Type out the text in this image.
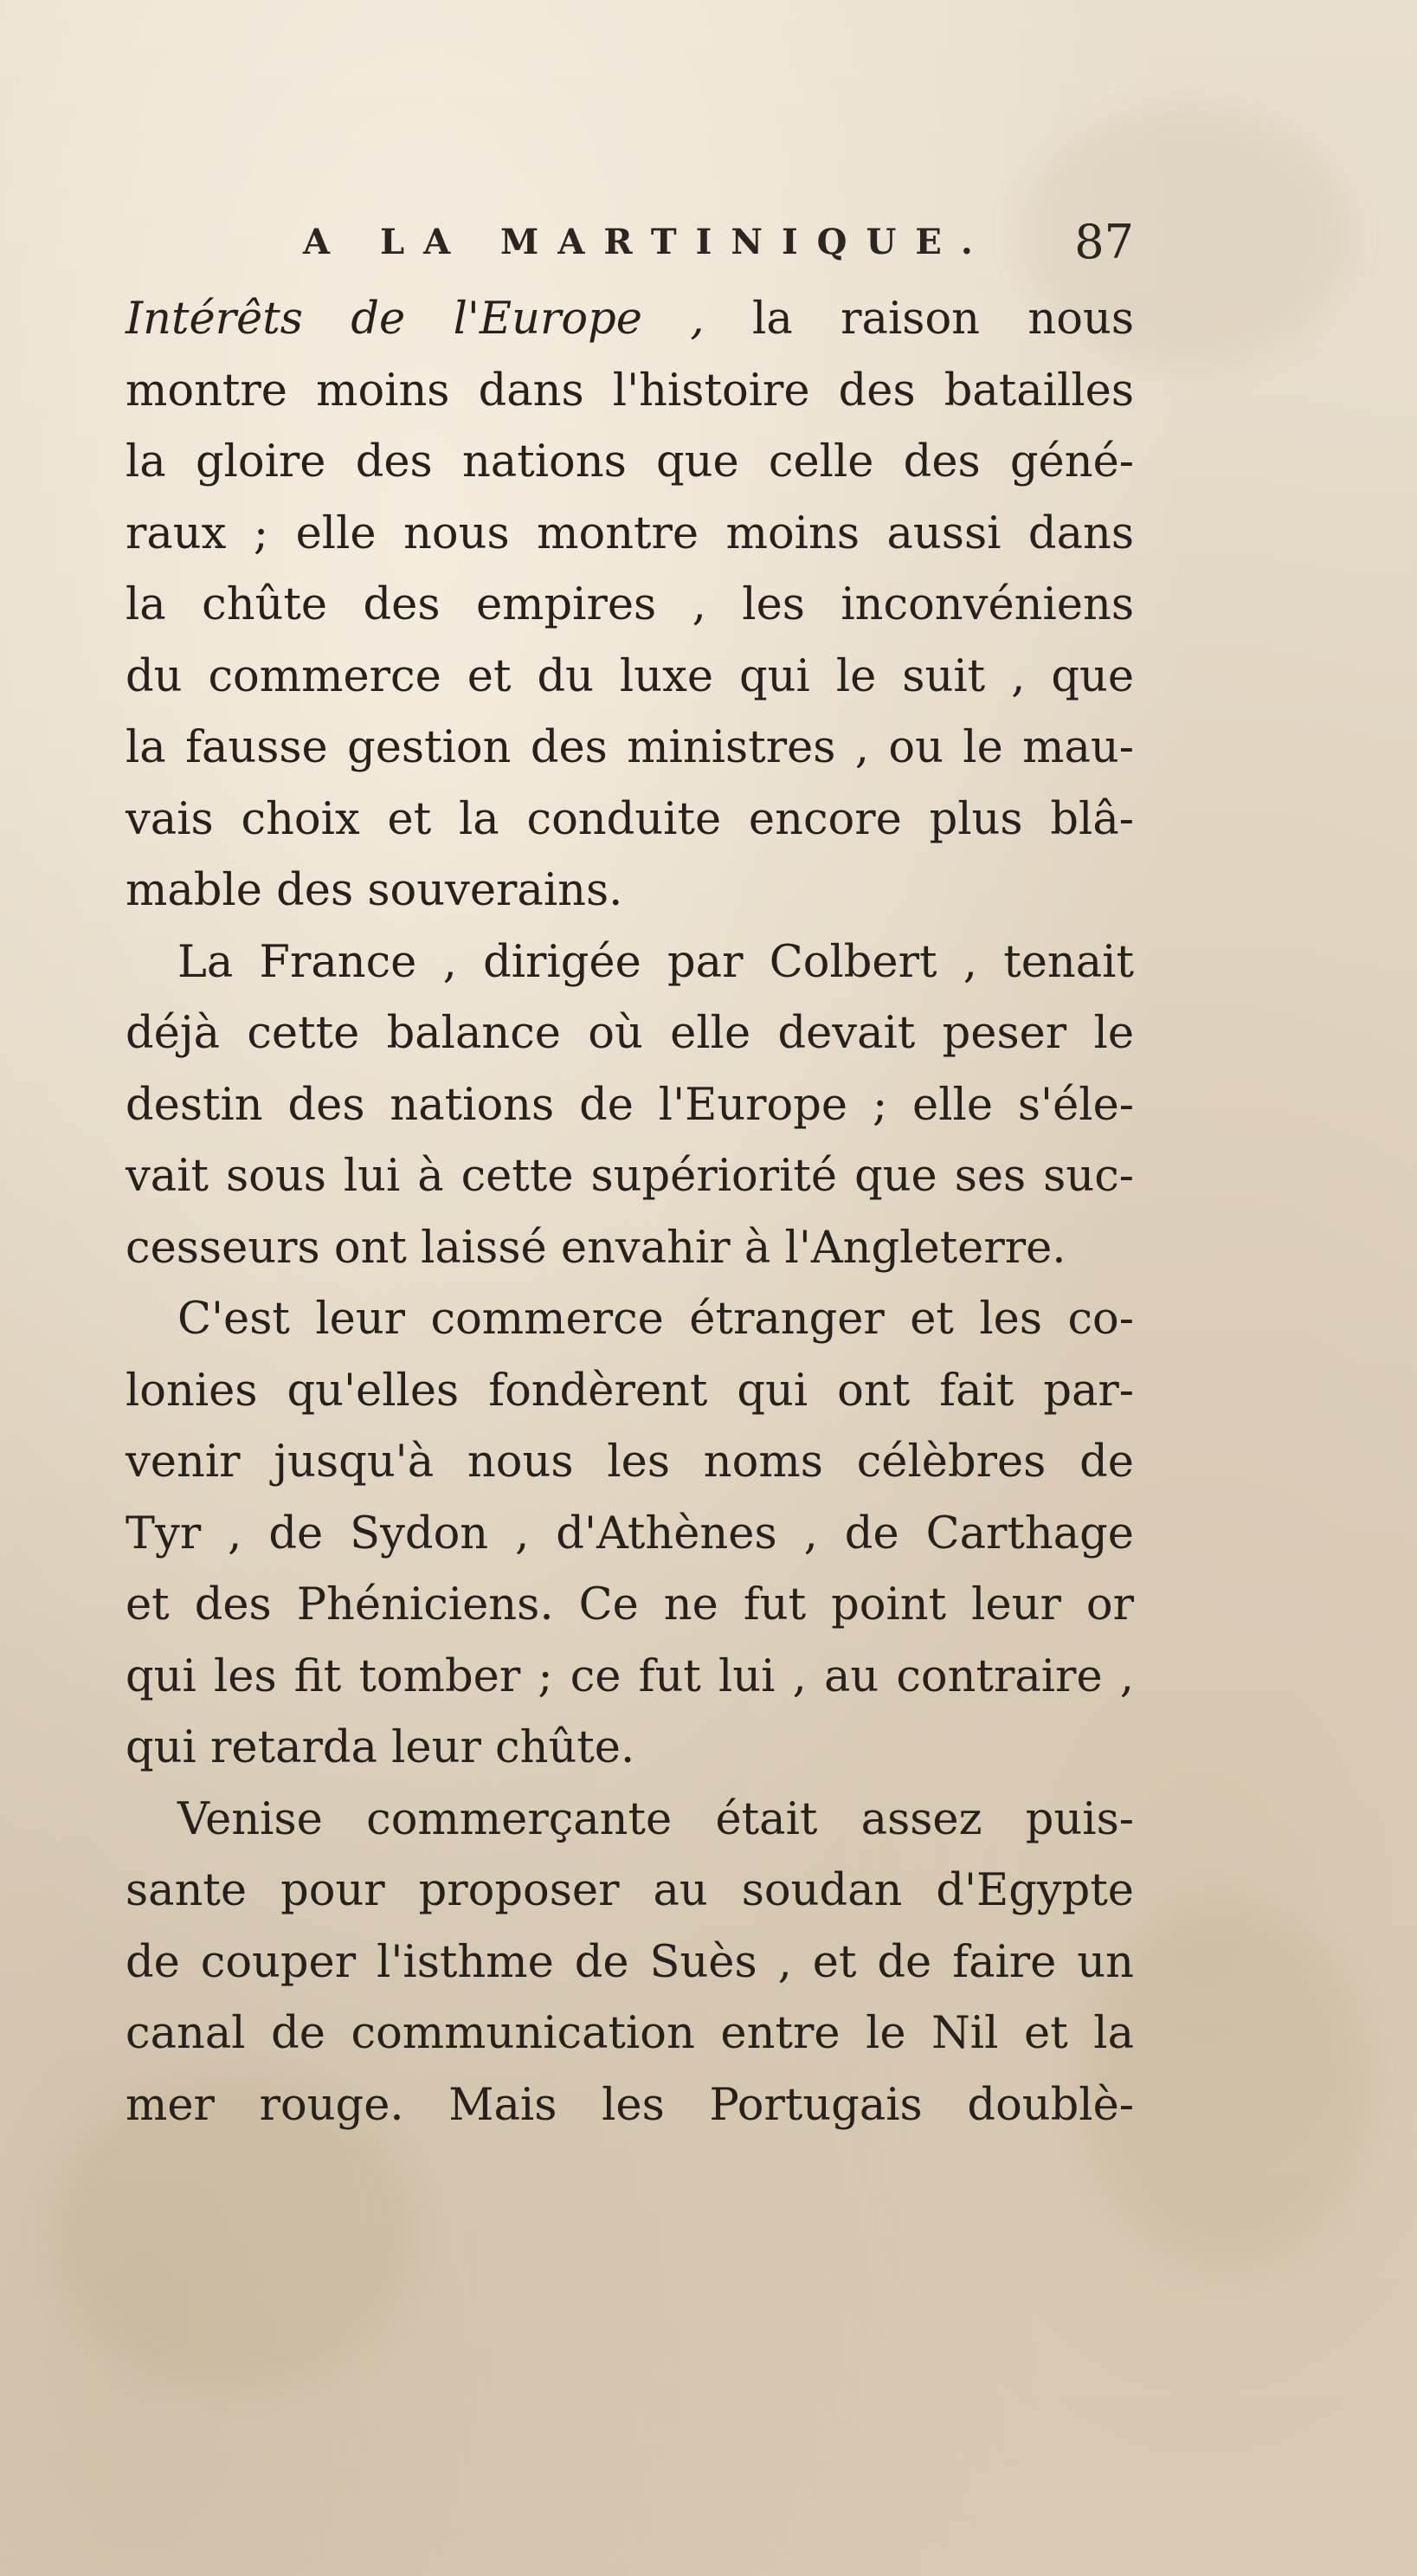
A LA MARTINIQUE. 87
Intérêts de l'Europe , la raison nous
montre moins dans l'histoire des batailles
la gloire des nations que celle des géné-
raux ; elle nous montre moins aussi dans
la chûte des empires , les inconvéniens
du commerce et du luxe qui le suit , que
la fausse gestion des ministres , ou le mau-
vais choix et la conduite encore plus blâ-
mable des souverains.
La France , dirigée par Colbert , tenait
déjà cette balance où elle devait peser le
destin des nations de l'Europe ; elle s'éle-
vait sous lui à cette supériorité que ses suc-
cesseurs ont laissé envahir à l'Angleterre.
C'est leur commerce étranger et les co-
lonies qu'elles fondèrent qui ont fait par-
venir jusqu'à nous les noms célèbres de
Tyr , de Sydon , d'Athènes , de Carthage
et des Phéniciens. Ce ne fut point leur or
qui les fit tomber ; ce fut lui , au contraire ,
qui retarda leur chûte.
Venise commerçante était assez puis-
sante pour proposer au soudan d'Egypte
de couper l'isthme de Suès , et de faire un
canal de communication entre le Nil et la
mer rouge. Mais les Portugais doublè-
